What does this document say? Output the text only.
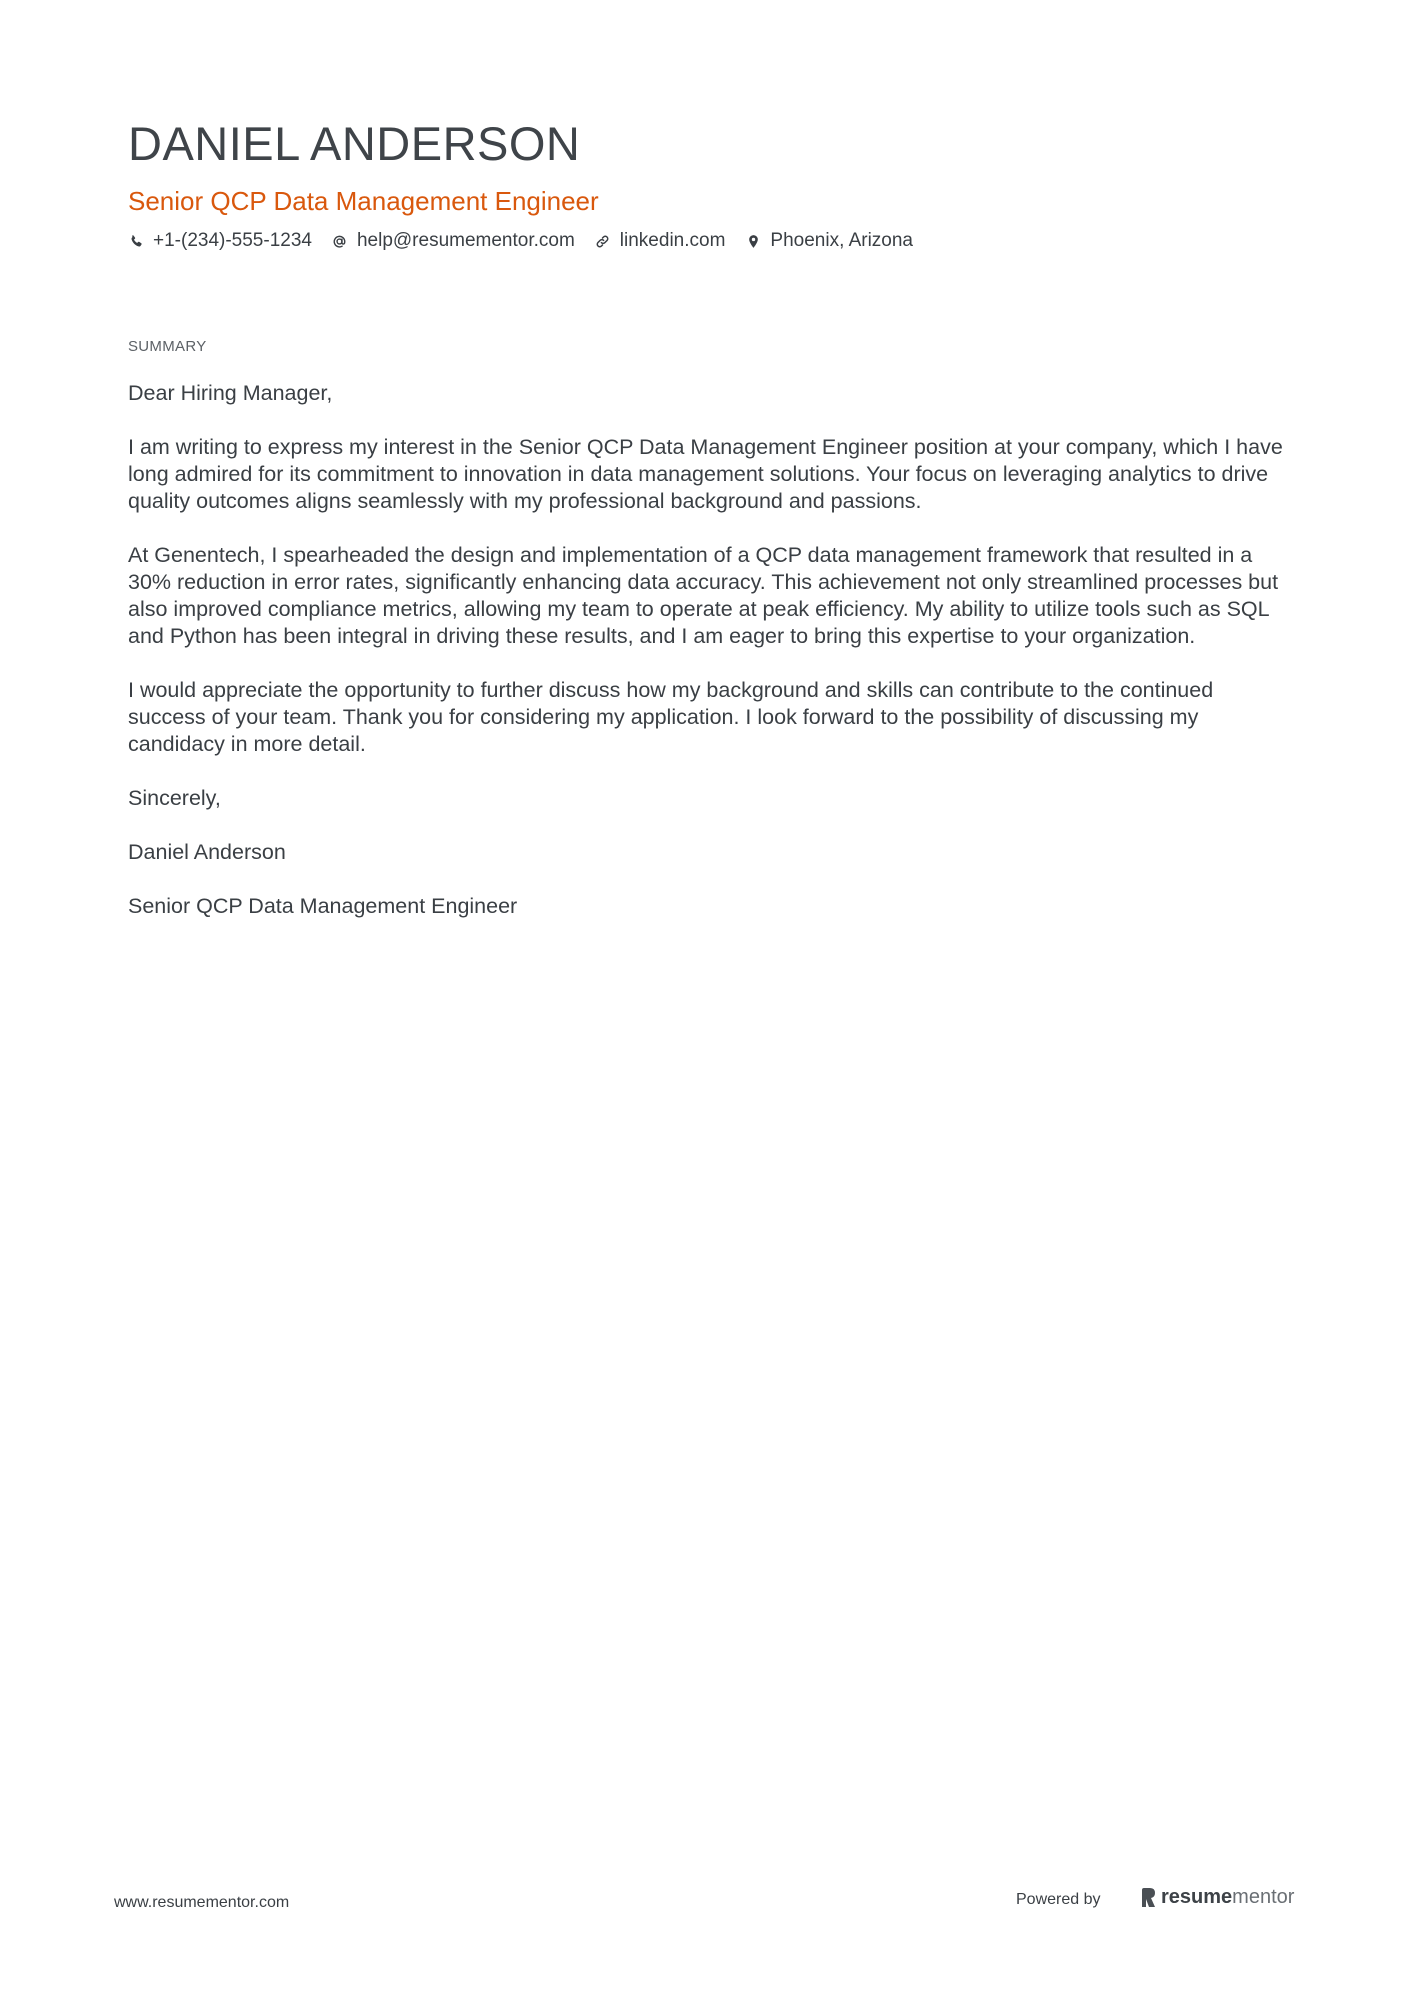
DANIEL ANDERSON
Senior QCP Data Management Engineer
+1-(234)-555-1234 help@resumementor.com linkedin.com Phoenix, Arizona
SUMMARY

Dear Hiring Manager,

I am writing to express my interest in the Senior QCP Data Management Engineer position at your company, which I have long admired for its commitment to innovation in data management solutions. Your focus on leveraging analytics to drive quality outcomes aligns seamlessly with my professional background and passions.

At Genentech, I spearheaded the design and implementation of a QCP data management framework that resulted in a 30% reduction in error rates, significantly enhancing data accuracy. This achievement not only streamlined processes but also improved compliance metrics, allowing my team to operate at peak efficiency. My ability to utilize tools such as SQL and Python has been integral in driving these results, and I am eager to bring this expertise to your organization.

I would appreciate the opportunity to further discuss how my background and skills can contribute to the continued success of your team. Thank you for considering my application. I look forward to the possibility of discussing my candidacy in more detail.

Sincerely,

Daniel Anderson

Senior QCP Data Management Engineer

www.resumementor.com	Powered by	resume mentor
